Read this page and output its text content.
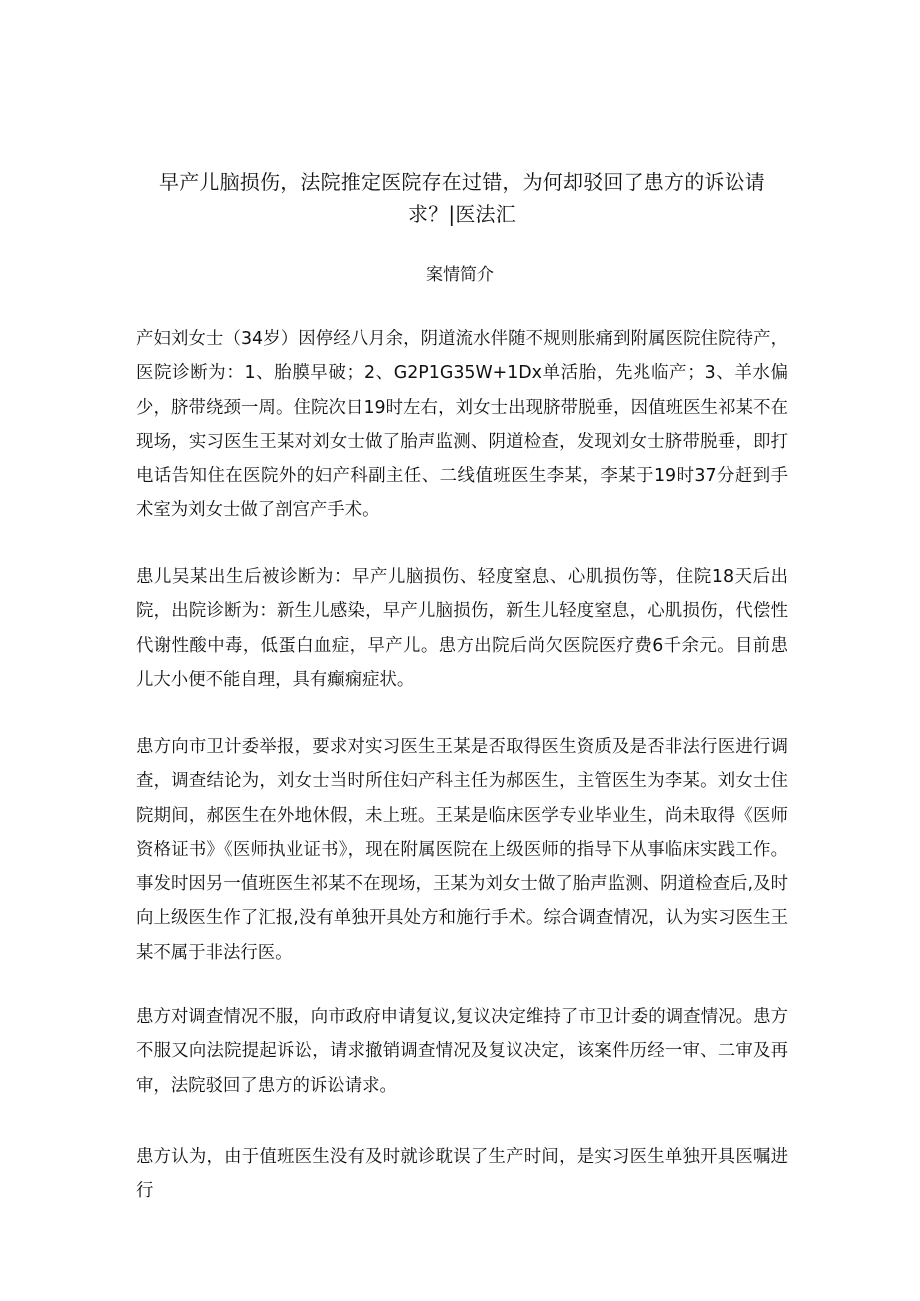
早产儿脑损伤，法院推定医院存在过错，为何却驳回了患方的诉讼请求？|医法汇
案情简介

产妇刘女士（34岁）因停经八月余，阴道流水伴随不规则胀痛到附属医院住院待产，医院诊断为：1、胎膜早破；2、G2P1G35W+1Dx单活胎，先兆临产；3、羊水偏少，脐带绕颈一周。住院次日19时左右，刘女士出现脐带脱垂，因值班医生祁某不在现场，实习医生王某对刘女士做了胎声监测、阴道检查，发现刘女士脐带脱垂，即打电话告知住在医院外的妇产科副主任、二线值班医生李某，李某于19时37分赶到手术室为刘女士做了剖宫产手术。

患儿吴某出生后被诊断为：早产儿脑损伤、轻度窒息、心肌损伤等，住院18天后出院，出院诊断为：新生儿感染，早产儿脑损伤，新生儿轻度窒息，心肌损伤，代偿性代谢性酸中毒，低蛋白血症，早产儿。患方出院后尚欠医院医疗费6千余元。目前患儿大小便不能自理，具有癫痫症状。

患方向市卫计委举报，要求对实习医生王某是否取得医生资质及是否非法行医进行调查，调查结论为，刘女士当时所住妇产科主任为郝医生，主管医生为李某。刘女士住院期间，郝医生在外地休假，未上班。王某是临床医学专业毕业生，尚未取得《医师资格证书》《医师执业证书》，现在附属医院在上级医师的指导下从事临床实践工作。事发时因另一值班医生祁某不在现场，王某为刘女士做了胎声监测、阴道检查后,及时向上级医生作了汇报,没有单独开具处方和施行手术。综合调查情况，认为实习医生王某不属于非法行医。

患方对调查情况不服，向市政府申请复议,复议决定维持了市卫计委的调查情况。患方不服又向法院提起诉讼，请求撤销调查情况及复议决定，该案件历经一审、二审及再审，法院驳回了患方的诉讼请求。

患方认为，由于值班医生没有及时就诊耽误了生产时间，是实习医生单独开具医嘱进行
